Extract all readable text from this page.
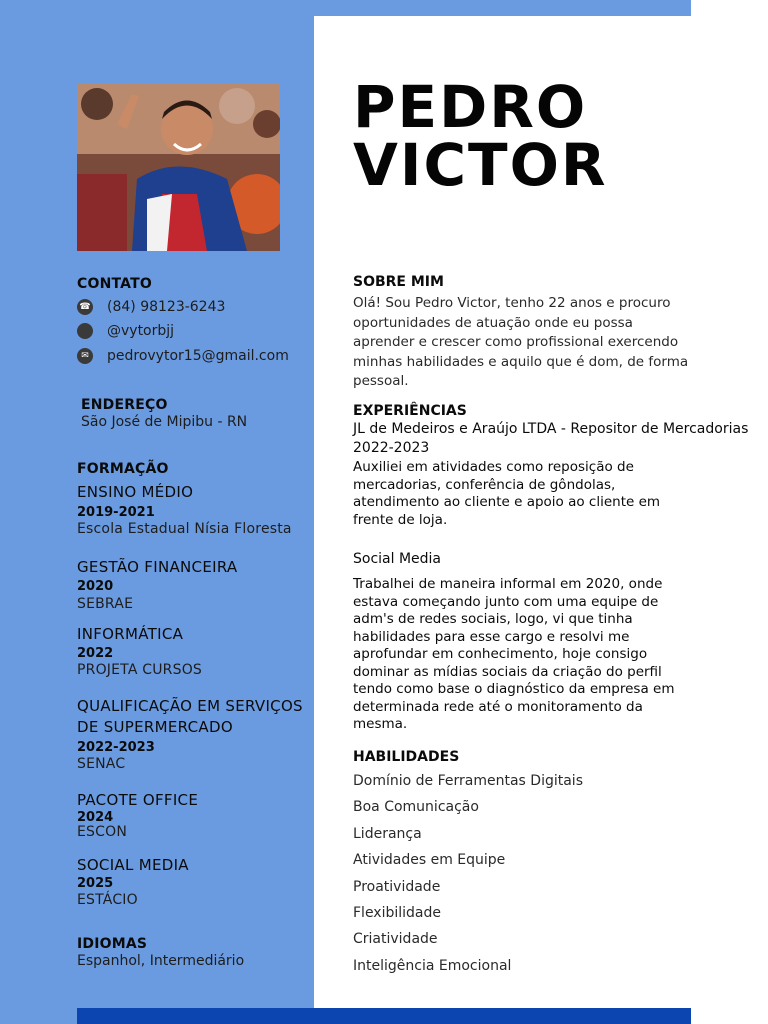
CONTATO
☎ (84) 98123-6243
@vytorbjj
✉	pedrovytor15@gmail.com
ENDEREÇO
São José de Mipibu - RN
FORMAÇÃO
ENSINO MÉDIO
2019-2021
Escola Estadual Nísia Floresta
GESTÃO FINANCEIRA
2020
SEBRAE
INFORMÁTICA
2022
PROJETA CURSOS
QUALIFICAÇÃO EM SERVIÇOS DE SUPERMERCADO
2022-2023
SENAC
PACOTE OFFICE
2024
ESCON
SOCIAL MEDIA
2025
ESTÁCIO
IDIOMAS
Espanhol, Intermediário
PEDRO
VICTOR
SOBRE MIM
Olá! Sou Pedro Victor, tenho 22 anos e procuro oportunidades de atuação onde eu possa aprender e crescer como profissional exercendo minhas habilidades e aquilo que é dom, de forma pessoal.
EXPERIÊNCIAS
JL de Medeiros e Araújo LTDA - Repositor de Mercadorias
2022-2023
Auxiliei em atividades como reposição de mercadorias, conferência de gôndolas, atendimento ao cliente e apoio ao cliente em frente de loja.
Social Media
Trabalhei de maneira informal em 2020, onde estava começando junto com uma equipe de adm's de redes sociais, logo, vi que tinha habilidades para esse cargo e resolvi me aprofundar em conhecimento, hoje consigo dominar as mídias sociais da criação do perfil tendo como base o diagnóstico da empresa em determinada rede até o monitoramento da mesma.
HABILIDADES
Domínio de Ferramentas Digitais
Boa Comunicação
Liderança
Atividades em Equipe
Proatividade
Flexibilidade
Criatividade
Inteligência Emocional
